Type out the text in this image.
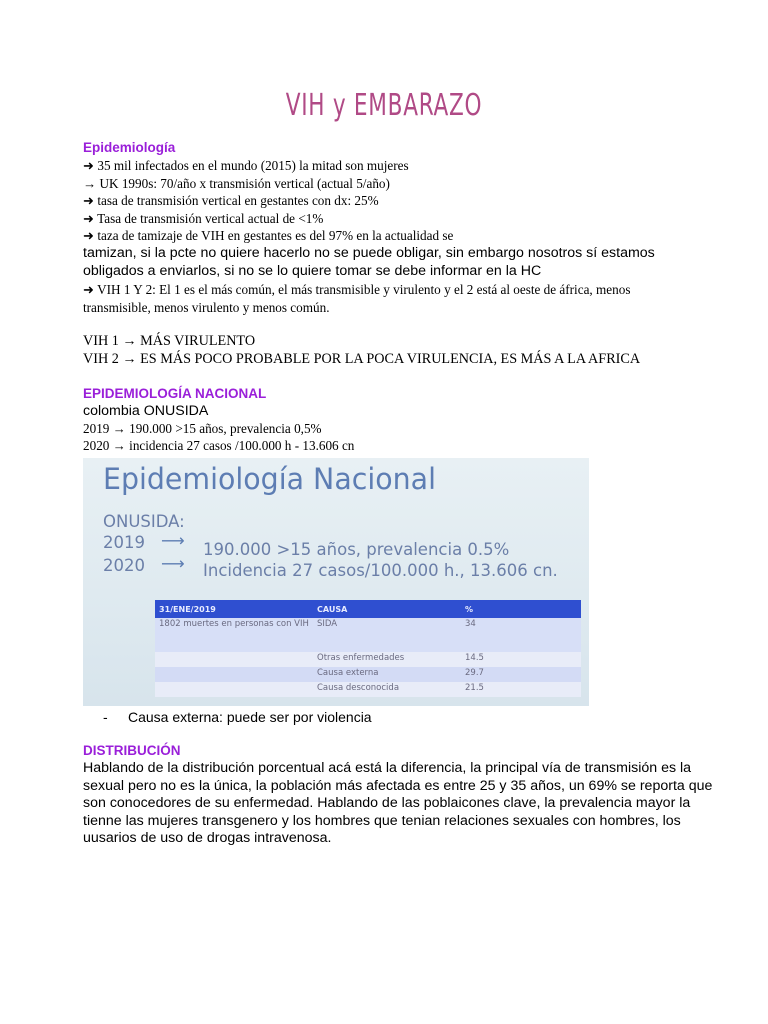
VIH y EMBARAZO
Epidemiología
➜ 35 mil infectados en el mundo (2015) la mitad son mujeres
→ UK 1990s: 70/año x transmisión vertical (actual 5/año)
➜ tasa de transmisión vertical en gestantes con dx: 25%
➜ Tasa de transmisión vertical actual de <1%
➜ taza de tamizaje de VIH en gestantes es del 97% en la actualidad se
tamizan, si la pcte no quiere hacerlo no se puede obligar, sin embargo nosotros sí estamos obligados a enviarlos, si no se lo quiere tomar se debe informar en la HC
➜ VIH 1 Y 2: El 1 es el más común, el más transmisible y virulento y el 2 está al oeste de áfrica, menos
transmisible, menos virulento y menos común.
VIH 1 → MÁS VIRULENTO
VIH 2 → ES MÁS POCO PROBABLE POR LA POCA VIRULENCIA, ES MÁS A LA AFRICA
EPIDEMIOLOGÍA NACIONAL
colombia ONUSIDA
2019 → 190.000 >15 años, prevalencia 0,5%
2020 → incidencia 27 casos /100.000 h - 13.606 cn
Epidemiología Nacional
ONUSIDA:
2019 ⟶ 190.000 >15 años, prevalencia 0.5%
2020 ⟶ Incidencia 27 casos/100.000 h., 13.606 cn.
31/ENE/2019	CAUSA	%
1802 muertes en personas con VIH	SIDA	34
	Otras enfermedades	14.5
	Causa externa	29.7
	Causa desconocida	21.5
- Causa externa: puede ser por violencia
DISTRIBUCIÓN
Hablando de la distribución porcentual acá está la diferencia, la principal vía de transmisión es la sexual pero no es la única, la población más afectada es entre 25 y 35 años, un 69% se reporta que son conocedores de su enfermedad. Hablando de las poblaicones clave, la prevalencia mayor la tienne las mujeres transgenero y los hombres que tenian relaciones sexuales con hombres, los uusarios de uso de drogas intravenosa.
